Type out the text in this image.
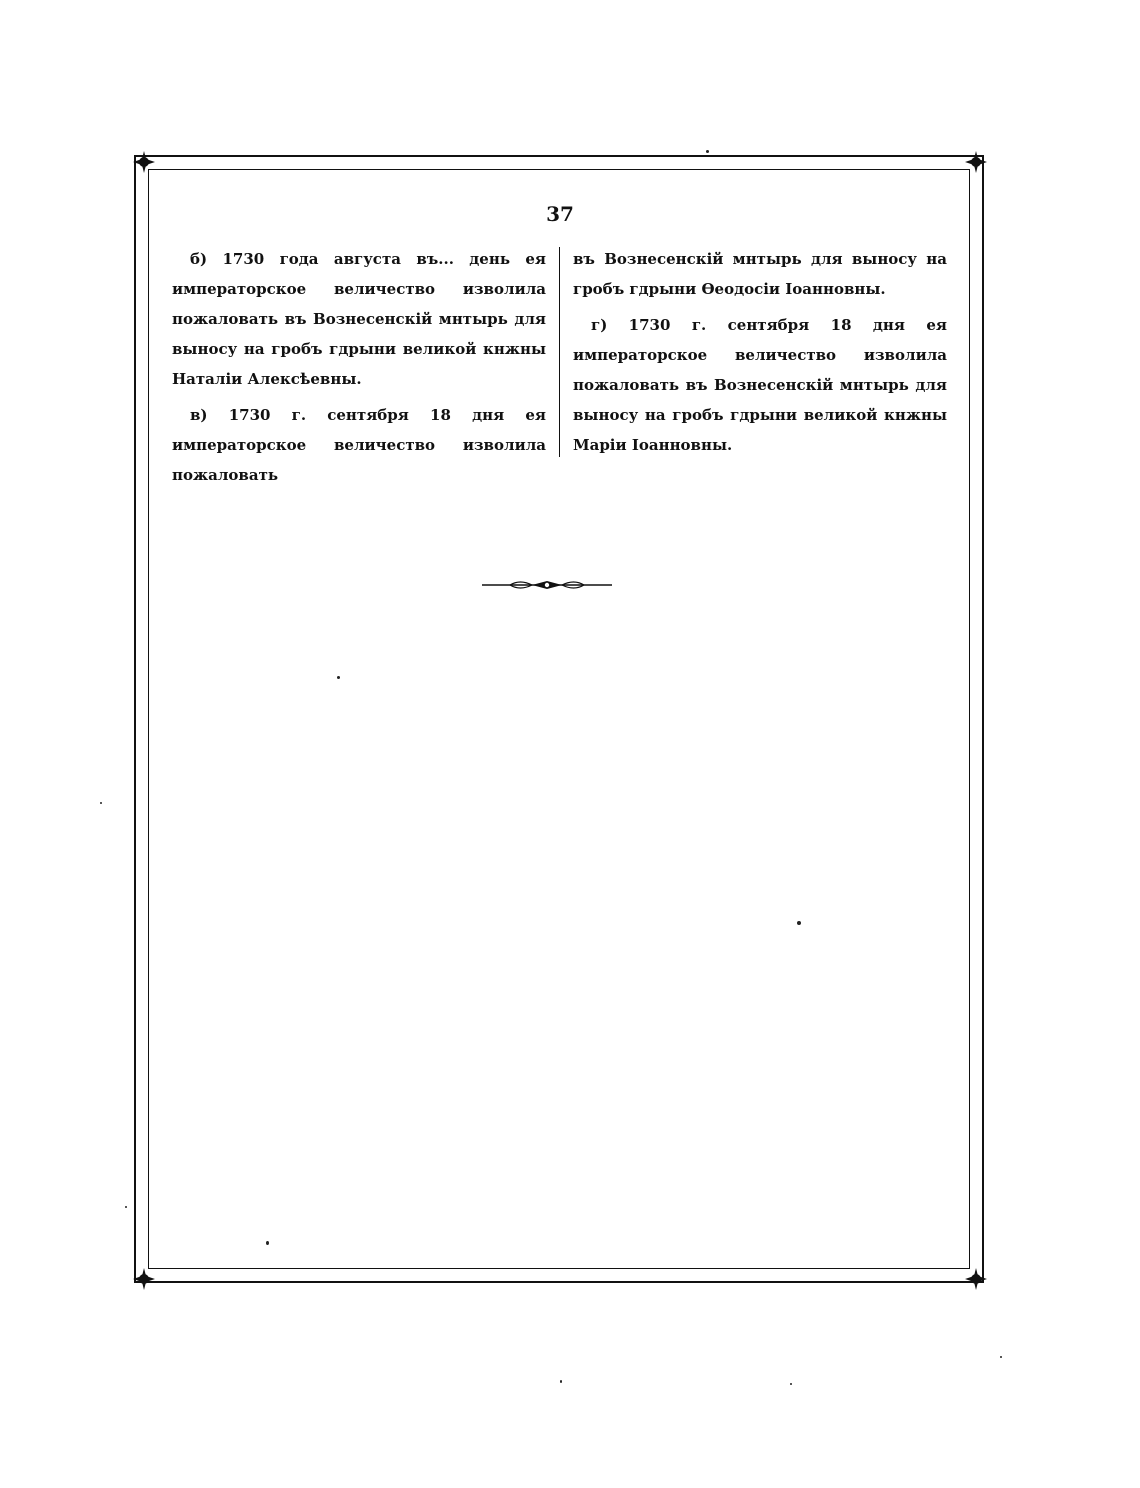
37

б) 1730 года августа въ... день ея императорское величество изволила пожаловать въ Вознесенскій мнтырь для выносу на гробъ гдрыни великой кнжны Наталіи Алексѣевны.

в) 1730 г. сентября 18 дня ея императорское величество изволила пожаловать

въ Вознесенскій мнтырь для выносу на гробъ гдрыни Ѳеодосіи Іоанновны.

г) 1730 г. сентября 18 дня ея императорское величество изволила пожаловать въ Вознесенскій мнтырь для выносу на гробъ гдрыни великой кнжны Маріи Іоанновны.
